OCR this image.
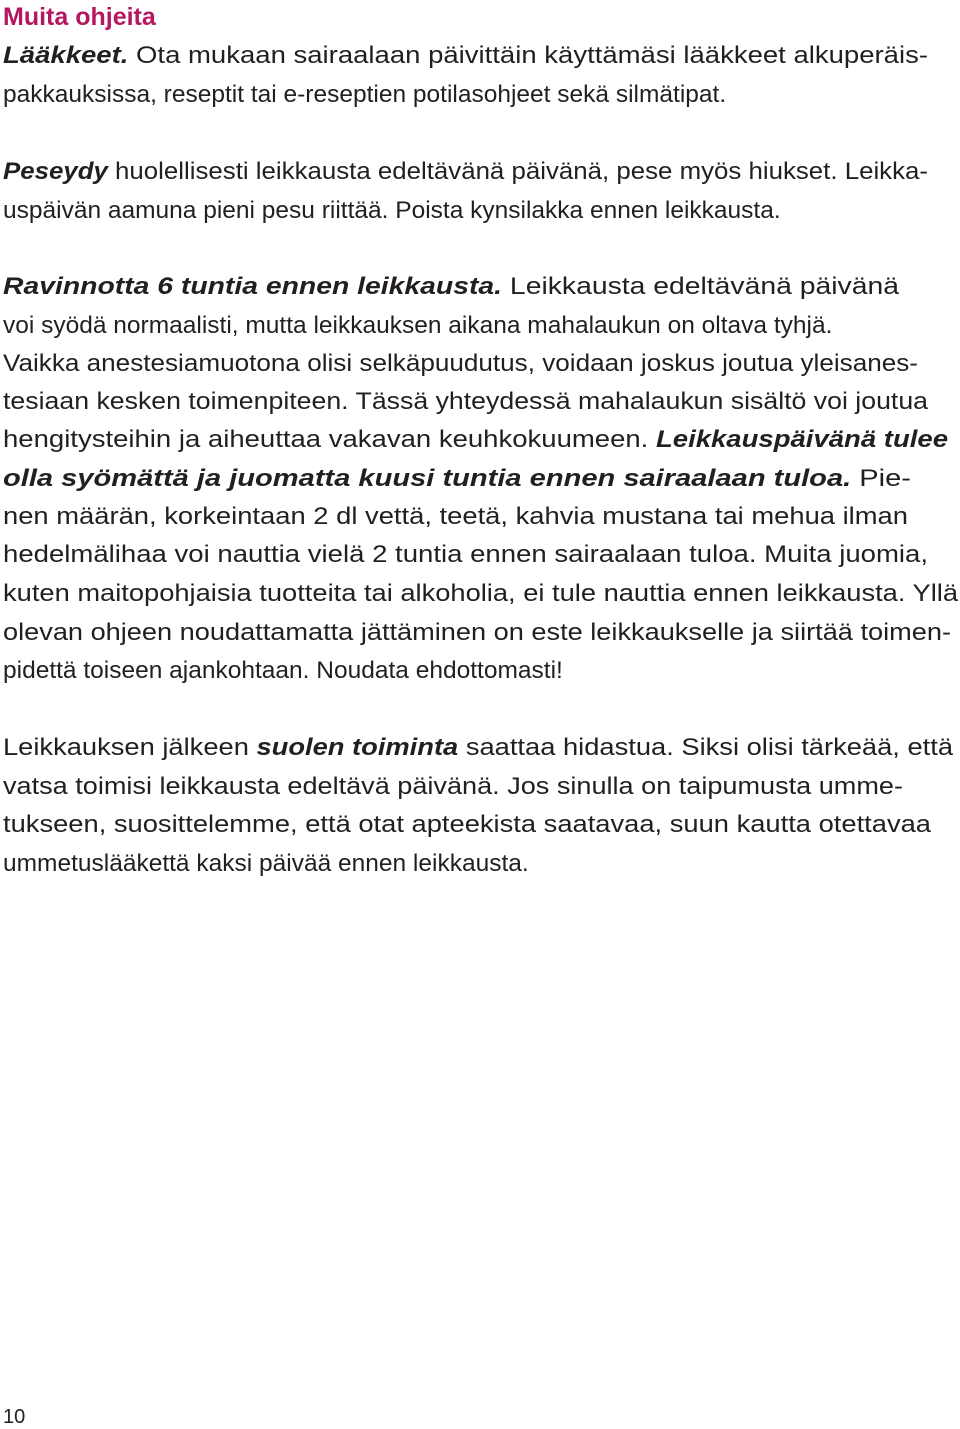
Muita ohjeita
Lääkkeet. Ota mukaan sairaalaan päivittäin käyttämäsi lääkkeet alkuperäis-
pakkauksissa, reseptit tai e-reseptien potilasohjeet sekä silmätipat.
Peseydy huolellisesti leikkausta edeltävänä päivänä, pese myös hiukset. Leikka-
uspäivän aamuna pieni pesu riittää. Poista kynsilakka ennen leikkausta.
Ravinnotta 6 tuntia ennen leikkausta. Leikkausta edeltävänä päivänä
voi syödä normaalisti, mutta leikkauksen aikana mahalaukun on oltava tyhjä.
Vaikka anestesiamuotona olisi selkäpuudutus, voidaan joskus joutua yleisanes-
tesiaan kesken toimenpiteen. Tässä yhteydessä mahalaukun sisältö voi joutua
hengitysteihin ja aiheuttaa vakavan keuhkokuumeen. Leikkauspäivänä tulee
olla syömättä ja juomatta kuusi tuntia ennen sairaalaan tuloa. Pie-
nen määrän, korkeintaan 2 dl vettä, teetä, kahvia mustana tai mehua ilman
hedelmälihaa voi nauttia vielä 2 tuntia ennen sairaalaan tuloa. Muita juomia,
kuten maitopohjaisia tuotteita tai alkoholia, ei tule nauttia ennen leikkausta. Yllä
olevan ohjeen noudattamatta jättäminen on este leikkaukselle ja siirtää toimen-
pidettä toiseen ajankohtaan. Noudata ehdottomasti!
Leikkauksen jälkeen suolen toiminta saattaa hidastua. Siksi olisi tärkeää, että
vatsa toimisi leikkausta edeltävä päivänä. Jos sinulla on taipumusta umme-
tukseen, suosittelemme, että otat apteekista saatavaa, suun kautta otettavaa
ummetuslääkettä kaksi päivää ennen leikkausta.
10
